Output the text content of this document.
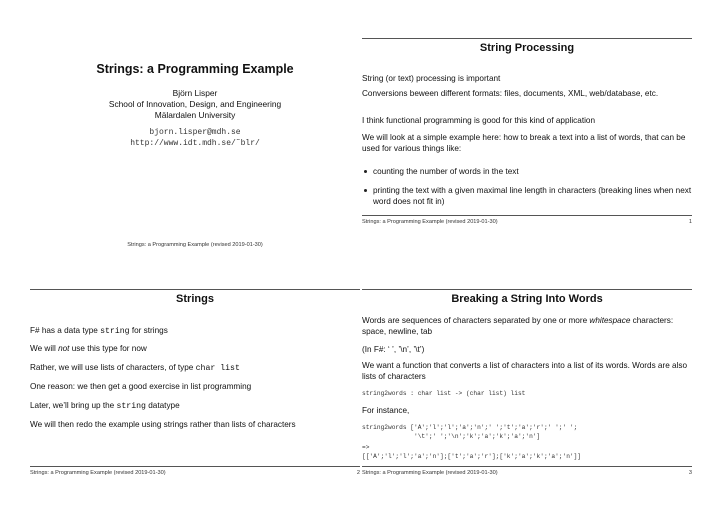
Strings: a Programming Example
Björn Lisper
School of Innovation, Design, and Engineering
Mälardalen University
bjorn.lisper@mdh.se
http://www.idt.mdh.se/˜blr/
Strings: a Programming Example (revised 2019-01-30)
String Processing
String (or text) processing is important
Conversions beween different formats: files, documents, XML, web/database, etc.
I think functional programming is good for this kind of application
We will look at a simple example here: how to break a text into a list of words, that can be used for various things like:
counting the number of words in the text
printing the text with a given maximal line length in characters (breaking lines when next word does not fit in)
Strings: a Programming Example (revised 2019-01-30)	1
Strings
F# has a data type string for strings
We will not use this type for now
Rather, we will use lists of characters, of type char list
One reason: we then get a good exercise in list programming
Later, we’ll bring up the string datatype
We will then redo the example using strings rather than lists of characters
Strings: a Programming Example (revised 2019-01-30)	2
Breaking a String Into Words
Words are sequences of characters separated by one or more whitespace characters: space, newline, tab
(In F#: ‘ ’, ’\n’, ’\t’)
We want a function that converts a list of characters into a list of its words. Words are also lists of characters
string2words : char list -> (char list) list
For instance,
string2words ['A';'l';'l';'a';'n';' ';'t';'a';'r';' ';' ';
'\t';' ';'\n';'k';'a';'k';'a';'n']
=>
[['A';'l';'l';'a';'n'];['t';'a';'r'];['k';'a';'k';'a';'n']]
Strings: a Programming Example (revised 2019-01-30)	3
